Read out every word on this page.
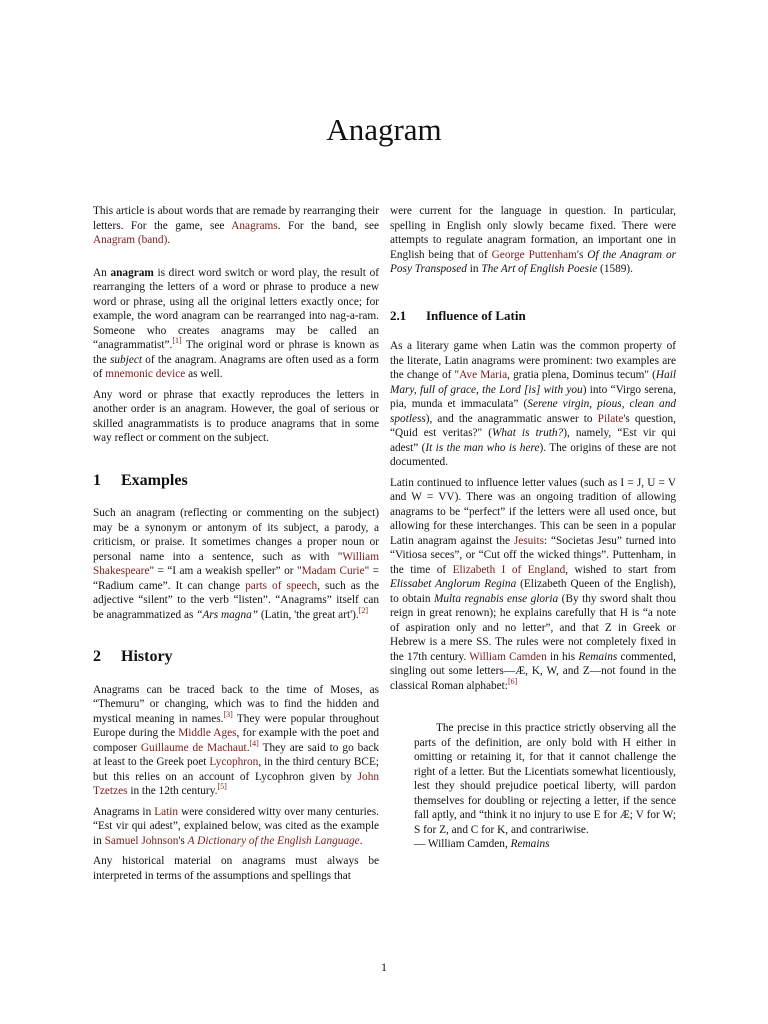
Anagram

This article is about words that are remade by rearranging their letters. For the game, see Anagrams. For the band, see Anagram (band).

An anagram is direct word switch or word play, the result of rearranging the letters of a word or phrase to produce a new word or phrase, using all the original letters exactly once; for example, the word anagram can be rearranged into nag-a-ram. Someone who creates anagrams may be called an “anagrammatist”.[1] The original word or phrase is known as the subject of the anagram. Anagrams are often used as a form of mnemonic device as well.

Any word or phrase that exactly reproduces the letters in another order is an anagram. However, the goal of serious or skilled anagrammatists is to produce anagrams that in some way reflect or comment on the subject.

1 Examples

Such an anagram (reflecting or commenting on the subject) may be a synonym or antonym of its subject, a parody, a criticism, or praise. It sometimes changes a proper noun or personal name into a sentence, such as with "William Shakespeare" = “I am a weakish speller” or "Madam Curie" = “Radium came”. It can change parts of speech, such as the adjective “silent” to the verb “listen”. “Anagrams” itself can be anagrammatized as “Ars magna” (Latin, 'the great art').[2]

2 History

Anagrams can be traced back to the time of Moses, as “Themuru” or changing, which was to find the hidden and mystical meaning in names.[3] They were popular throughout Europe during the Middle Ages, for example with the poet and composer Guillaume de Machaut.[4] They are said to go back at least to the Greek poet Lycophron, in the third century BCE; but this relies on an account of Lycophron given by John Tzetzes in the 12th century.[5]

Anagrams in Latin were considered witty over many centuries. “Est vir qui adest”, explained below, was cited as the example in Samuel Johnson's A Dictionary of the English Language.

Any historical material on anagrams must always be interpreted in terms of the assumptions and spellings that

were current for the language in question. In particular, spelling in English only slowly became fixed. There were attempts to regulate anagram formation, an important one in English being that of George Puttenham's Of the Anagram or Posy Transposed in The Art of English Poesie (1589).

2.1 Influence of Latin

As a literary game when Latin was the common property of the literate, Latin anagrams were prominent: two examples are the change of "Ave Maria, gratia plena, Dominus tecum" (Hail Mary, full of grace, the Lord [is] with you) into “Virgo serena, pia, munda et immaculata” (Serene virgin, pious, clean and spotless), and the anagrammatic answer to Pilate's question, “Quid est veritas?" (What is truth?), namely, “Est vir qui adest” (It is the man who is here). The origins of these are not documented.

Latin continued to influence letter values (such as I = J, U = V and W = VV). There was an ongoing tradition of allowing anagrams to be “perfect” if the letters were all used once, but allowing for these interchanges. This can be seen in a popular Latin anagram against the Jesuits: “Societas Jesu” turned into “Vitiosa seces”, or “Cut off the wicked things”. Puttenham, in the time of Elizabeth I of England, wished to start from Elissabet Anglorum Regina (Elizabeth Queen of the English), to obtain Multa regnabis ense gloria (By thy sword shalt thou reign in great renown); he explains carefully that H is “a note of aspiration only and no letter”, and that Z in Greek or Hebrew is a mere SS. The rules were not completely fixed in the 17th century. William Camden in his Remains commented, singling out some letters—Æ, K, W, and Z—not found in the classical Roman alphabet:[6]

The precise in this practice strictly observing all the parts of the definition, are only bold with H either in omitting or retaining it, for that it cannot challenge the right of a letter. But the Licentiats somewhat licentiously, lest they should prejudice poetical liberty, will pardon themselves for doubling or rejecting a letter, if the sence fall aptly, and “think it no injury to use E for Æ; V for W; S for Z, and C for K, and contrariwise.

— William Camden, Remains

1
